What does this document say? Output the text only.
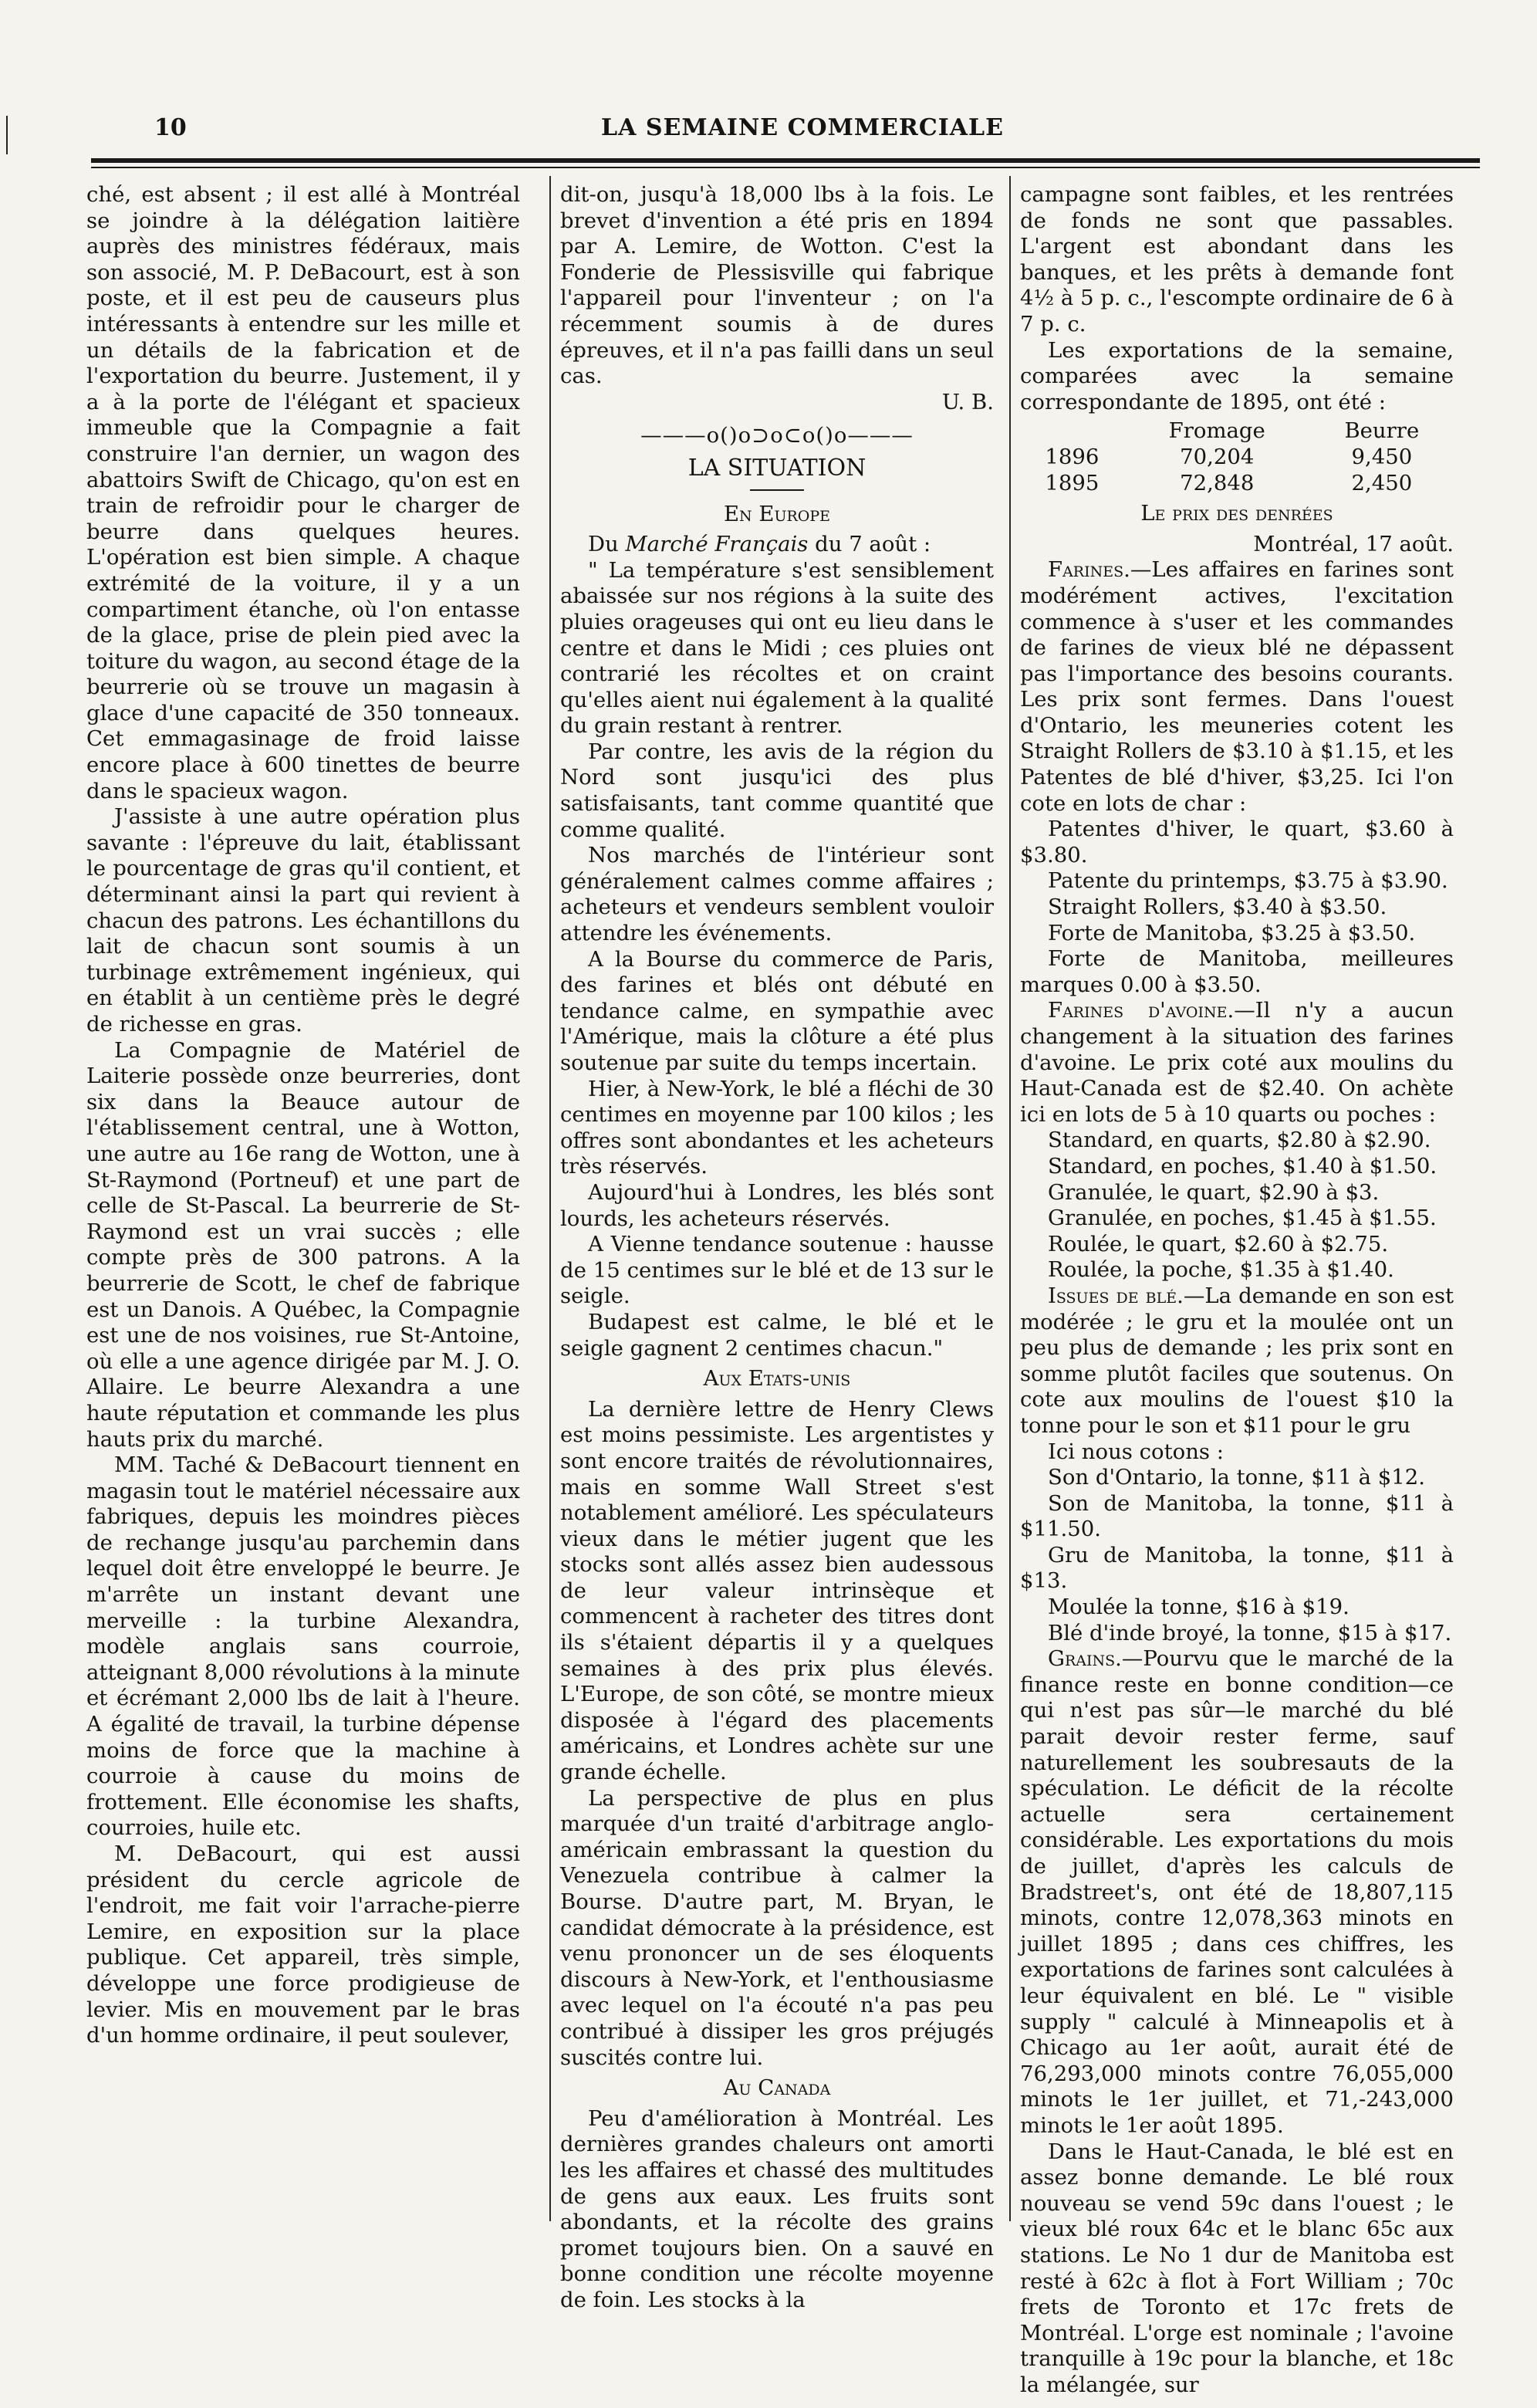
10	LA SEMAINE COMMERCIALE

ché, est absent ; il est allé à Montréal se joindre à la délégation laitière auprès des ministres fédéraux, mais son associé, M. P. DeBacourt, est à son poste, et il est peu de causeurs plus intéressants à entendre sur les mille et un détails de la fabrication et de l'exportation du beurre. Justement, il y a à la porte de l'élégant et spacieux immeuble que la Compagnie a fait construire l'an dernier, un wagon des abattoirs Swift de Chicago, qu'on est en train de refroidir pour le charger de beurre dans quelques heures. L'opération est bien simple. A chaque extrémité de la voiture, il y a un compartiment étanche, où l'on entasse de la glace, prise de plein pied avec la toiture du wagon, au second étage de la beurrerie où se trouve un magasin à glace d'une capacité de 350 tonneaux. Cet emmagasinage de froid laisse encore place à 600 tinettes de beurre dans le spacieux wagon.

J'assiste à une autre opération plus savante : l'épreuve du lait, établissant le pourcentage de gras qu'il contient, et déterminant ainsi la part qui revient à chacun des patrons. Les échantillons du lait de chacun sont soumis à un turbinage extrêmement ingénieux, qui en établit à un centième près le degré de richesse en gras.

La Compagnie de Matériel de Laiterie possède onze beurreries, dont six dans la Beauce autour de l'établissement central, une à Wotton, une autre au 16e rang de Wotton, une à St-Raymond (Portneuf) et une part de celle de St-Pascal. La beurrerie de St-Raymond est un vrai succès ; elle compte près de 300 patrons. A la beurrerie de Scott, le chef de fabrique est un Danois. A Québec, la Compagnie est une de nos voisines, rue St-Antoine, où elle a une agence dirigée par M. J. O. Allaire. Le beurre Alexandra a une haute réputation et commande les plus hauts prix du marché.

MM. Taché & DeBacourt tiennent en magasin tout le matériel nécessaire aux fabriques, depuis les moindres pièces de rechange jusqu'au parchemin dans lequel doit être enveloppé le beurre. Je m'arrête un instant devant une merveille : la turbine Alexandra, modèle anglais sans courroie, atteignant 8,000 révolutions à la minute et écrémant 2,000 lbs de lait à l'heure. A égalité de travail, la turbine dépense moins de force que la machine à courroie à cause du moins de frottement. Elle économise les shafts, courroies, huile etc.

M. DeBacourt, qui est aussi président du cercle agricole de l'endroit, me fait voir l'arrache-pierre Lemire, en exposition sur la place publique. Cet appareil, très simple, développe une force prodigieuse de levier. Mis en mouvement par le bras d'un homme ordinaire, il peut soulever,

dit-on, jusqu'à 18,000 lbs à la fois. Le brevet d'invention a été pris en 1894 par A. Lemire, de Wotton. C'est la Fonderie de Plessisville qui fabrique l'appareil pour l'inventeur ; on l'a récemment soumis à de dures épreuves, et il n'a pas failli dans un seul cas.

U. B.

———o()o⊃o⊂o()o———
LA SITUATION
En Europe

Du Marché Français du 7 août :

" La température s'est sensiblement abaissée sur nos régions à la suite des pluies orageuses qui ont eu lieu dans le centre et dans le Midi ; ces pluies ont contrarié les récoltes et on craint qu'elles aient nui également à la qualité du grain restant à rentrer.

Par contre, les avis de la région du Nord sont jusqu'ici des plus satisfaisants, tant comme quantité que comme qualité.

Nos marchés de l'intérieur sont généralement calmes comme affaires ; acheteurs et vendeurs semblent vouloir attendre les événements.

A la Bourse du commerce de Paris, des farines et blés ont débuté en tendance calme, en sympathie avec l'Amérique, mais la clôture a été plus soutenue par suite du temps incertain.

Hier, à New-York, le blé a fléchi de 30 centimes en moyenne par 100 kilos ; les offres sont abondantes et les acheteurs très réservés.

Aujourd'hui à Londres, les blés sont lourds, les acheteurs réservés.

A Vienne tendance soutenue : hausse de 15 centimes sur le blé et de 13 sur le seigle.

Budapest est calme, le blé et le seigle gagnent 2 centimes chacun."

Aux Etats-unis

La dernière lettre de Henry Clews est moins pessimiste. Les argentistes y sont encore traités de révolutionnaires, mais en somme Wall Street s'est notablement amélioré. Les spéculateurs vieux dans le métier jugent que les stocks sont allés assez bien audessous de leur valeur intrinsèque et commencent à racheter des titres dont ils s'étaient départis il y a quelques semaines à des prix plus élevés. L'Europe, de son côté, se montre mieux disposée à l'égard des placements américains, et Londres achète sur une grande échelle.

La perspective de plus en plus marquée d'un traité d'arbitrage anglo-américain embrassant la question du Venezuela contribue à calmer la Bourse. D'autre part, M. Bryan, le candidat démocrate à la présidence, est venu prononcer un de ses éloquents discours à New-York, et l'enthousiasme avec lequel on l'a écouté n'a pas peu contribué à dissiper les gros préjugés suscités contre lui.

Au Canada

Peu d'amélioration à Montréal. Les dernières grandes chaleurs ont amorti les les affaires et chassé des multitudes de gens aux eaux. Les fruits sont abondants, et la récolte des grains promet toujours bien. On a sauvé en bonne condition une récolte moyenne de foin. Les stocks à la

campagne sont faibles, et les rentrées de fonds ne sont que passables. L'argent est abondant dans les banques, et les prêts à demande font 4½ à 5 p. c., l'escompte ordinaire de 6 à 7 p. c.

Les exportations de la semaine, comparées avec la semaine correspondante de 1895, ont été :

	Fromage	Beurre
1896	70,204	9,450
1895	72,848	2,450
Le prix des denrées

Montréal, 17 août.

Farines.—Les affaires en farines sont modérément actives, l'excitation commence à s'user et les commandes de farines de vieux blé ne dépassent pas l'importance des besoins courants. Les prix sont fermes. Dans l'ouest d'Ontario, les meuneries cotent les Straight Rollers de $3.10 à $1.15, et les Patentes de blé d'hiver, $3,25. Ici l'on cote en lots de char :

Patentes d'hiver, le quart, $3.60 à $3.80.

Patente du printemps, $3.75 à $3.90.

Straight Rollers, $3.40 à $3.50.

Forte de Manitoba, $3.25 à $3.50.

Forte de Manitoba, meilleures marques 0.00 à $3.50.

Farines d'avoine.—Il n'y a aucun changement à la situation des farines d'avoine. Le prix coté aux moulins du Haut-Canada est de $2.40. On achète ici en lots de 5 à 10 quarts ou poches :

Standard, en quarts, $2.80 à $2.90.

Standard, en poches, $1.40 à $1.50.

Granulée, le quart, $2.90 à $3.

Granulée, en poches, $1.45 à $1.55.

Roulée, le quart, $2.60 à $2.75.

Roulée, la poche, $1.35 à $1.40.

Issues de blé.—La demande en son est modérée ; le gru et la moulée ont un peu plus de demande ; les prix sont en somme plutôt faciles que soutenus. On cote aux moulins de l'ouest $10 la tonne pour le son et $11 pour le gru

Ici nous cotons :

Son d'Ontario, la tonne, $11 à $12.

Son de Manitoba, la tonne, $11 à $11.50.

Gru de Manitoba, la tonne, $11 à $13.

Moulée la tonne, $16 à $19.

Blé d'inde broyé, la tonne, $15 à $17.

Grains.—Pourvu que le marché de la finance reste en bonne condition—ce qui n'est pas sûr—le marché du blé parait devoir rester ferme, sauf naturellement les soubresauts de la spéculation. Le déficit de la récolte actuelle sera certainement considérable. Les exportations du mois de juillet, d'après les calculs de Bradstreet's, ont été de 18,807,115 minots, contre 12,078,363 minots en juillet 1895 ; dans ces chiffres, les exportations de farines sont calculées à leur équivalent en blé. Le " visible supply " calculé à Minneapolis et à Chicago au 1er août, aurait été de 76,293,000 minots contre 76,055,000 minots le 1er juillet, et 71,-243,000 minots le 1er août 1895.

Dans le Haut-Canada, le blé est en assez bonne demande. Le blé roux nouveau se vend 59c dans l'ouest ; le vieux blé roux 64c et le blanc 65c aux stations. Le No 1 dur de Manitoba est resté à 62c à flot à Fort William ; 70c frets de Toronto et 17c frets de Montréal. L'orge est nominale ; l'avoine tranquille à 19c pour la blanche, et 18c la mélangée, sur
